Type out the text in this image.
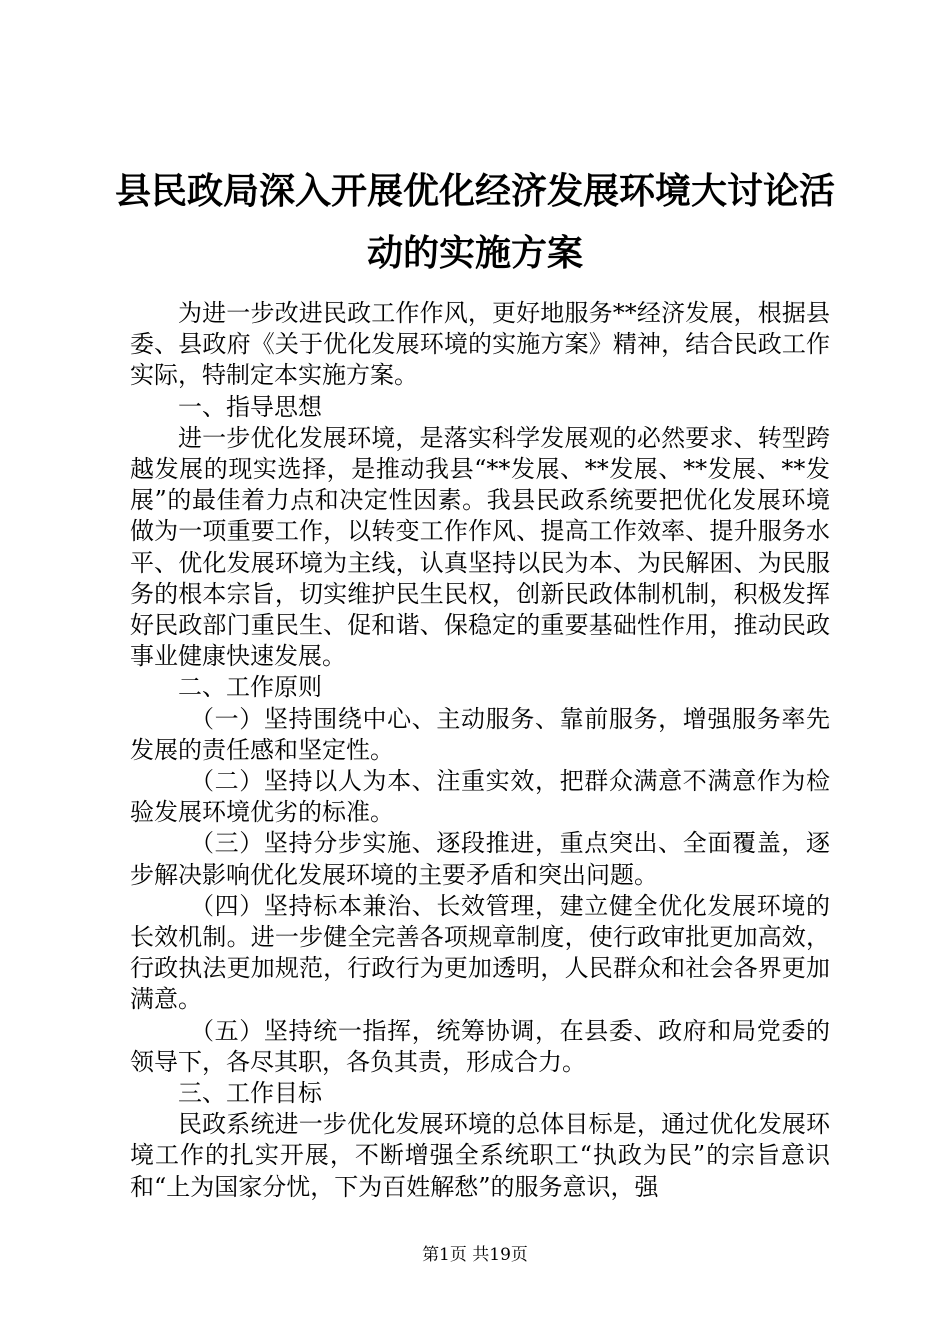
县民政局深入开展优化经济发展环境大讨论活动的实施方案

为进一步改进民政工作作风，更好地服务**经济发展，根据县委、县政府《关于优化发展环境的实施方案》精神，结合民政工作实际，特制定本实施方案。

一、指导思想

进一步优化发展环境，是落实科学发展观的必然要求、转型跨越发展的现实选择，是推动我县“**发展、**发展、**发展、**发展”的最佳着力点和决定性因素。我县民政系统要把优化发展环境做为一项重要工作，以转变工作作风、提高工作效率、提升服务水平、优化发展环境为主线，认真坚持以民为本、为民解困、为民服务的根本宗旨，切实维护民生民权，创新民政体制机制，积极发挥好民政部门重民生、促和谐、保稳定的重要基础性作用，推动民政事业健康快速发展。

二、工作原则

（一）坚持围绕中心、主动服务、靠前服务，增强服务率先发展的责任感和坚定性。

（二）坚持以人为本、注重实效，把群众满意不满意作为检验发展环境优劣的标准。

（三）坚持分步实施、逐段推进，重点突出、全面覆盖，逐步解决影响优化发展环境的主要矛盾和突出问题。

（四）坚持标本兼治、长效管理，建立健全优化发展环境的长效机制。进一步健全完善各项规章制度，使行政审批更加高效，行政执法更加规范，行政行为更加透明，人民群众和社会各界更加满意。

（五）坚持统一指挥，统筹协调，在县委、政府和局党委的领导下，各尽其职，各负其责，形成合力。

三、工作目标

民政系统进一步优化发展环境的总体目标是，通过优化发展环境工作的扎实开展，不断增强全系统职工“执政为民”的宗旨意识和“上为国家分忧，下为百姓解愁”的服务意识，强

第1页 共19页
